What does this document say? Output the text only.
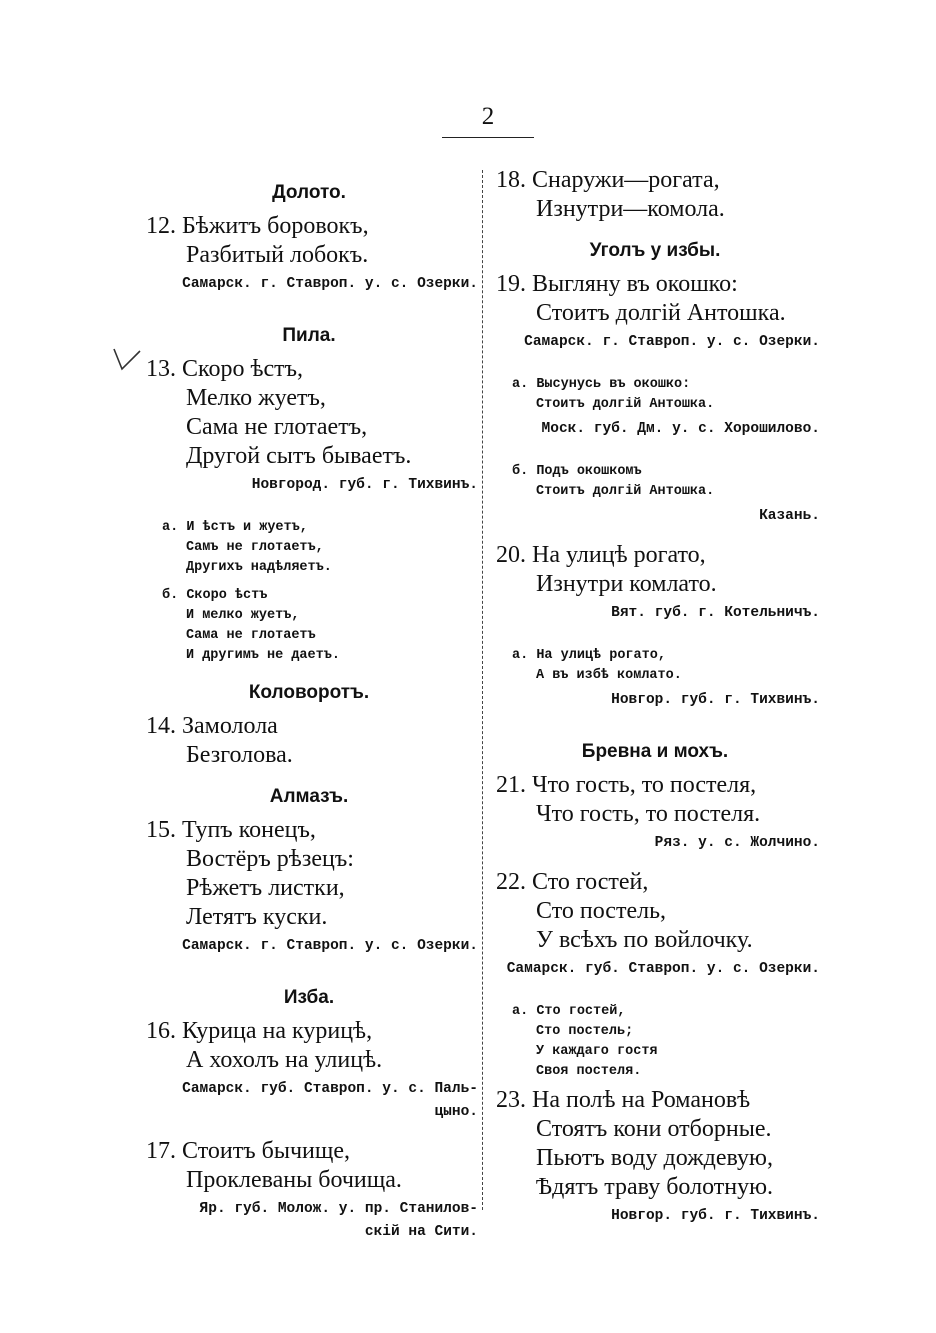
2
Долото.
12. Бѣжитъ боровокъ,
Разбитый лобокъ.
Самарск. г. Ставроп. у. с. Озерки.
Пила.
13. Скоро ѣстъ,
Мелко жуетъ,
Сама не глотаетъ,
Другой сытъ бываетъ.
Новгород. губ. г. Тихвинъ.
а. И ѣстъ и жуетъ,
Самъ не глотаетъ,
Другихъ надѣляетъ.
б. Скоро ѣстъ
И мелко жуетъ,
Сама не глотаетъ
И другимъ не даетъ.
Коловоротъ.
14. Замолола
Безголова.
Алмазъ.
15. Тупъ конецъ,
Востёръ рѣзецъ:
Рѣжетъ листки,
Летятъ куски.
Самарск. г. Ставроп. у. с. Озерки.
Изба.
16. Курица на курицѣ,
А хохолъ на улицѣ.
Самарск. губ. Ставроп. у. с. Паль-
цыно.
17. Стоитъ бычище,
Проклеваны бочища.
Яр. губ. Молож. у. пр. Станилов-
скій на Сити.
18. Снаружи—рогата,
Изнутри—комола.
Уголъ у избы.
19. Выгляну въ окошко:
Стоитъ долгій Антошка.
Самарск. г. Ставроп. у. с. Озерки.
а. Высунусь въ окошко:
Стоитъ долгій Антошка.
Моск. губ. Дм. у. с. Хорошилово.
б. Подъ окошкомъ
Стоитъ долгій Антошка.
Казань.
20. На улицѣ рогато,
Изнутри комлато.
Вят. губ. г. Котельничъ.
а. На улицѣ рогато,
А въ избѣ комлато.
Новгор. губ. г. Тихвинъ.
Бревна и мохъ.
21. Что гость, то постеля,
Что гость, то постеля.
Ряз. у. с. Жолчино.
22. Сто гостей,
Сто постель,
У всѣхъ по войлочку.
Самарск. губ. Ставроп. у. с. Озерки.
а. Сто гостей,
Сто постель;
У каждаго гостя
Своя постеля.
23. На полѣ на Романовѣ
Стоятъ кони отборные.
Пьютъ воду дождевую,
Ѣдятъ траву болотную.
Новгор. губ. г. Тихвинъ.
